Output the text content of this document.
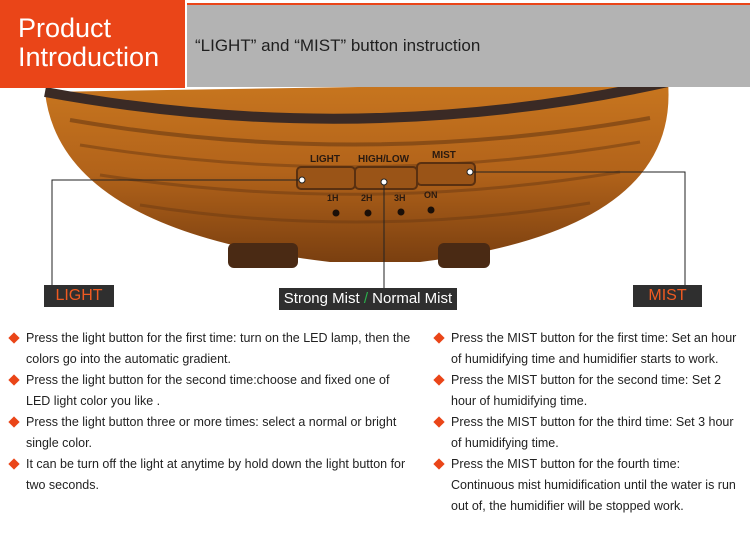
LIGHT HIGH/LOW MIST
1H 2H 3H ON
“LIGHT” and “MIST” button instruction
Product Introduction
LIGHT	MIST
Strong Mist / Normal Mist
Press the light button for the first time: turn on the LED lamp, then the colors go into the automatic gradient.
Press the light button for the second time:choose and fixed one of LED light color you like .
Press the light button three or more times: select a normal or bright single color.
It can be turn off the light at anytime by hold down the light button for two seconds.
Press the MIST button for the first time: Set an hour of humidifying time and humidifier starts to work.
Press the MIST button for the second time: Set 2 hour of humidifying time.
Press the MIST button for the third time: Set 3 hour of humidifying time.
Press the MIST button for the fourth time: Continuous mist humidification until the water is run out of, the humidifier will be stopped work.
